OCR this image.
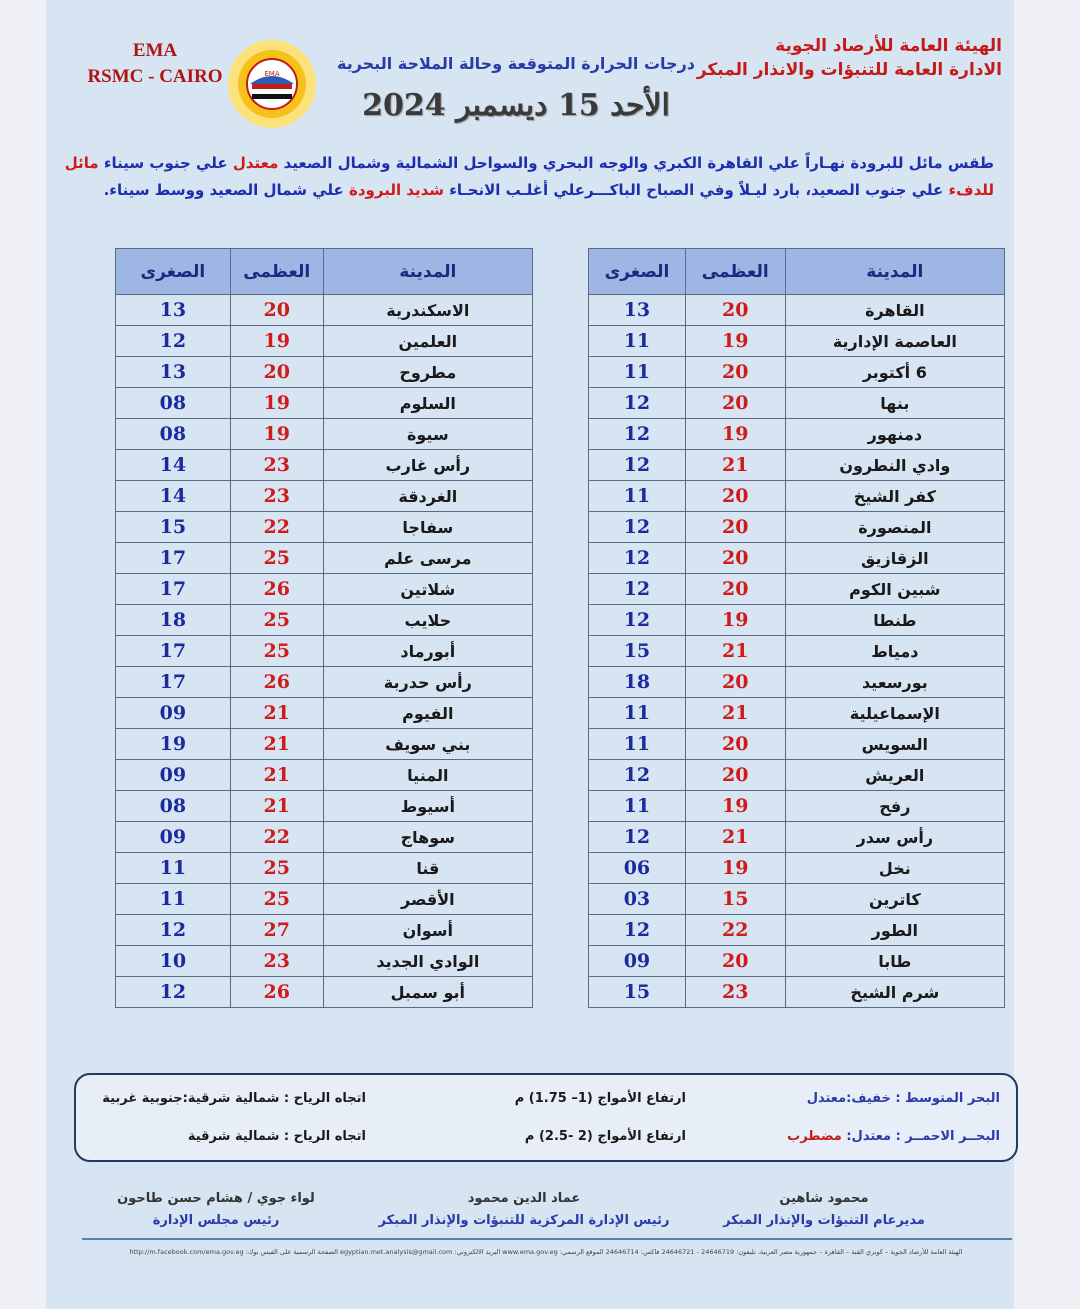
الهيئة العامة للأرصاد الجوية
الادارة العامة للتنبؤات والانذار المبكر
EMA
RSMC - CAIRO	EMA
درجات الحرارة المتوقعة وحالة الملاحة البحرية
الأحد 15 ديسمبر 2024
طقس مائل للبرودة نهـاراً علي القاهرة الكبري والوجه البحري والسواحل الشمالية وشمال الصعيد معتدل علي جنوب سيناء مائل للدفء علي جنوب الصعيد، بارد ليـلاً وفي الصباح الباكـــرعلي أغلـب الانحـاء شديد البرودة علي شمال الصعيد ووسط سيناء.
المدينة	العظمى	الصغرى
القاهرة	20	13
العاصمة الإدارية	19	11
6 أكتوبر	20	11
بنها	20	12
دمنهور	19	12
وادي النطرون	21	12
كفر الشيخ	20	11
المنصورة	20	12
الزقازيق	20	12
شبين الكوم	20	12
طنطا	19	12
دمياط	21	15
بورسعيد	20	18
الإسماعيلية	21	11
السويس	20	11
العريش	20	12
رفح	19	11
رأس سدر	21	12
نخل	19	06
كاترين	15	03
الطور	22	12
طابا	20	09
شرم الشيخ	23	15
المدينة	العظمى	الصغرى
الاسكندرية	20	13
العلمين	19	12
مطروح	20	13
السلوم	19	08
سيوة	19	08
رأس غارب	23	14
الغردقة	23	14
سفاجا	22	15
مرسى علم	25	17
شلاتين	26	17
حلايب	25	18
أبورماد	25	17
رأس حدربة	26	17
الفيوم	21	09
بني سويف	21	19
المنيا	21	09
أسيوط	21	08
سوهاج	22	09
قنا	25	11
الأقصر	25	11
أسوان	27	12
الوادي الجديد	23	10
أبو سمبل	26	12
البحر المتوسط : خفيف:معتدل
ارتفاع الأمواج (1– 1.75) م
اتجاه الرياح : شمالية شرقية:جنوبية غربية
البحــر الاحمــر : معتدل: مضطرب
ارتفاع الأمواج (2 -2.5) م
اتجاه الرياح : شمالية شرقية
محمود شاهين
مديرعام التنبؤات والإنذار المبكر
عماد الدين محمود
رئيس الإدارة المركزية للتنبؤات والإنذار المبكر
لواء جوي / هشام حسن طاحون
رئيس مجلس الإدارة
الهيئة العامة للأرصاد الجوية – كوبري القبة – القاهرة – جمهورية مصر العربية، تليفون: 24646719 - 24646721 فاكس: 24646714 الموقع الرسمي: www.ema.gov.eg البريد الالكتروني: egyptian.met.analysis@gmail.com الصفحة الرسمية على الفيس بوك: http://m.facebook.com/ema.gov.eg
